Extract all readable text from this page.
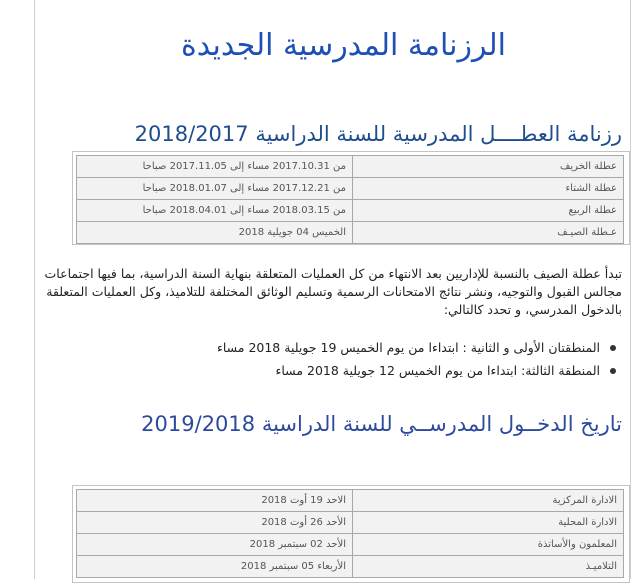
الرزنامة المدرسية الجديدة
رزنامة العطــــل المدرسية للسنة الدراسية 2018/2017
عطلة الخريف	من 2017.10.31 مساء إلى 2017.11.05 صباحا
عطلة الشتاء	من 2017.12.21 مساء إلى 2018.01.07 صباحا
عطلة الربيع	من 2018.03.15 مساء إلى 2018.04.01 صباحا
عـطلة الصيـف	الخميس 04 جويلية 2018
تبدأ عطلة الصيف بالنسبة للإداريين بعد الانتهاء من كل العمليات المتعلقة بنهاية السنة الدراسية، بما فيها اجتماعات مجالس القبول والتوجيه، ونشر نتائج الامتحانات الرسمية وتسليم الوثائق المختلفة للتلاميذ، وكل العمليات المتعلقة بالدخول المدرسي، و تحدد كالتالي:
المنطقتان الأولى و الثانية : ابتداءا من يوم الخميس 19 جويلية 2018 مساء
المنطقة الثالثة: ابتداءا من يوم الخميس 12 جويلية 2018 مساء
تاريخ الدخــول المدرســي للسنة الدراسية 2019/2018
الادارة المركزية	الاحد 19 أوت 2018
الادارة المحلية	الأحد 26 أوت 2018
المعلمون والأساتذة	الأحد 02 سبتمبر 2018
التلاميـذ	الأربعاء 05 سبتمبر 2018
